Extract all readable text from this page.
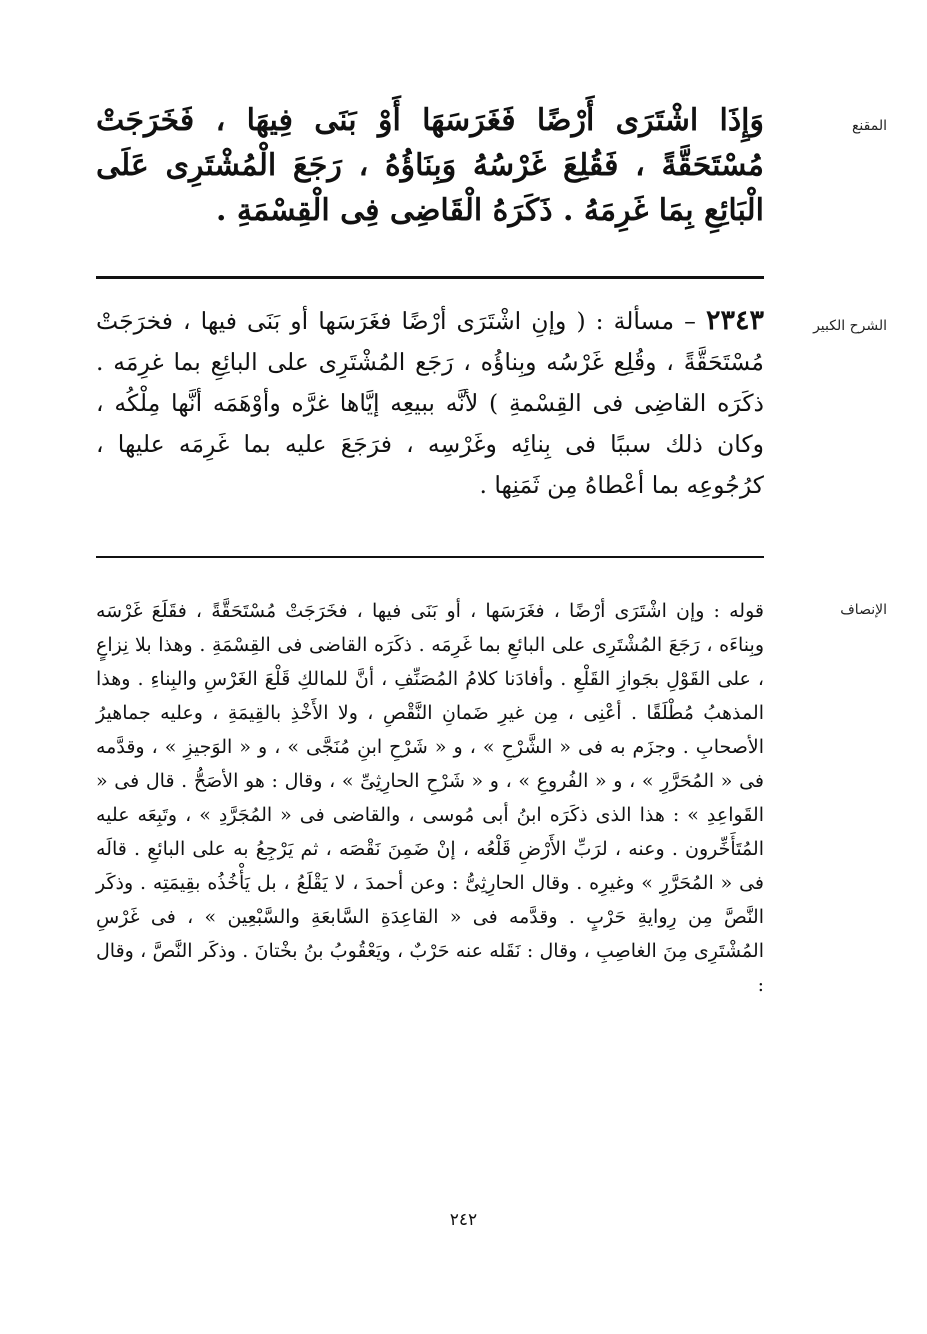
المقنع
وَإِذَا اشْتَرَى أَرْضًا فَغَرَسَهَا أَوْ بَنَى فِيهَا ، فَخَرَجَتْ مُسْتَحَقَّةً ، فَقُلِعَ غَرْسُهُ وَبِنَاؤُهُ ، رَجَعَ الْمُشْتَرِى عَلَى الْبَائِعِ بِمَا غَرِمَهُ . ذَكَرَهُ الْقَاضِى فِى الْقِسْمَةِ .
الشرح الكبير
٢٣٤٣ – مسألة : ( وإنِ اشْتَرَى أرْضًا فغَرَسَها أو بَنَى فيها ، فخرَجَتْ مُسْتَحَقَّةً ، وقُلِع غَرْسُه وبِناؤُه ، رَجَع المُشْتَرِى على البائِعِ بما غرِمَه . ذكَرَه القاضِى فى القِسْمةِ ) لأنَّه ببيعِه إيَّاها غرَّه وأوْهَمَه أنَّها مِلْكُه ، وكان ذلك سببًا فى بِنائِه وغَرْسِه ، فرَجَعَ عليه بما غَرِمَه عليها ، كرُجُوعِه بما أعْطاهُ مِن ثَمَنِها .
الإنصاف
قوله : وإن اشْتَرَى أرْضًا ، فغَرَسَها ، أو بَنَى فيها ، فخَرَجَتْ مُسْتَحَقَّةً ، فقَلَعَ غَرْسَه وبِناءَه ، رَجَعَ المُشْتَرِى على البائعِ بما غَرِمَه . ذكَرَه القاضى فى القِسْمَةِ . وهذا بلا نِزاعٍ ، على القَوْلِ بجَوازِ القَلْعِ . وأفادَنا كلامُ المُصَنِّفِ ، أنَّ للمالكِ قَلْعَ الغَرْسِ والبِناءِ . وهذا المذهبُ مُطْلَقًا . أعْنِى ، مِن غيرِ ضَمانِ النَّقْصِ ، ولا الأَخْذِ بالقِيمَةِ ، وعليه جماهيرُ الأصحابِ . وجزَم به فى « الشَّرْحِ » ، و « شَرْحِ ابنِ مُنَجَّى » ، و « الوَجيزِ » ، وقدَّمه فى « المُحَرَّرِ » ، و « الفُروعِ » ، و « شَرْحِ الحارِثِىِّ » ، وقال : هو الأصَحُّ . قال فى « القَواعِدِ » : هذا الذى ذكَرَه ابنُ أبى مُوسى ، والقاضى فى « المُجَرَّدِ » ، وتَبِعَه عليه المُتَأَخِّرون . وعنه ، لرَبِّ الأَرْضِ قَلْعُه ، إنْ ضَمِنَ نَقْصَه ، ثم يَرْجِعُ به على البائعِ . قالَه فى « المُحَرَّرِ » وغيرِه . وقال الحارِثِىُّ : وعن أحمدَ ، لا يَقْلَعُ ، بل يَأْخُذُه بقِيمَتِه . وذكَر النَّصَّ مِن رِوايةِ حَرْبٍ . وقدَّمه فى « القاعِدَةِ السَّابعَةِ والسَّبْعِين » ، فى غَرْسِ المُشْتَرِى مِنَ الغاصِبِ ، وقال : نَقَله عنه حَرْبٌ ، ويَعْقُوبُ بنُ بخْتانَ . وذكَر النَّصَّ ، وقال :
٢٤٢
